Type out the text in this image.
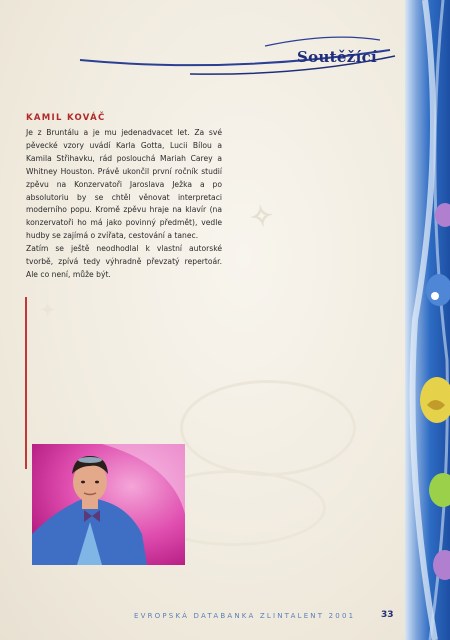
✧
✦
Soutěžící
KAMIL KOVÁČ

Je z Bruntálu a je mu jedenadvacet let. Za své pěvecké vzory uvádí Karla Gotta, Lucii Bílou a Kamila Střihavku, rád poslouchá Mariah Carey a Whitney Houston. Právě ukončil první ročník studií zpěvu na Konzervatoři Jaroslava Ježka a po absolutoriu by se chtěl věnovat interpretaci moderního popu. Kromě zpěvu hraje na klavír (na konzervatoři ho má jako povinný předmět), vedle hudby se zajímá o zvířata, cestování a tanec.

Zatím se ještě neodhodlal k vlastní autorské tvorbě, zpívá tedy výhradně převzatý repertoár. Ale co není, může být.

EVROPSKÁ DATABANKA ZLINTALENT 2001	33
